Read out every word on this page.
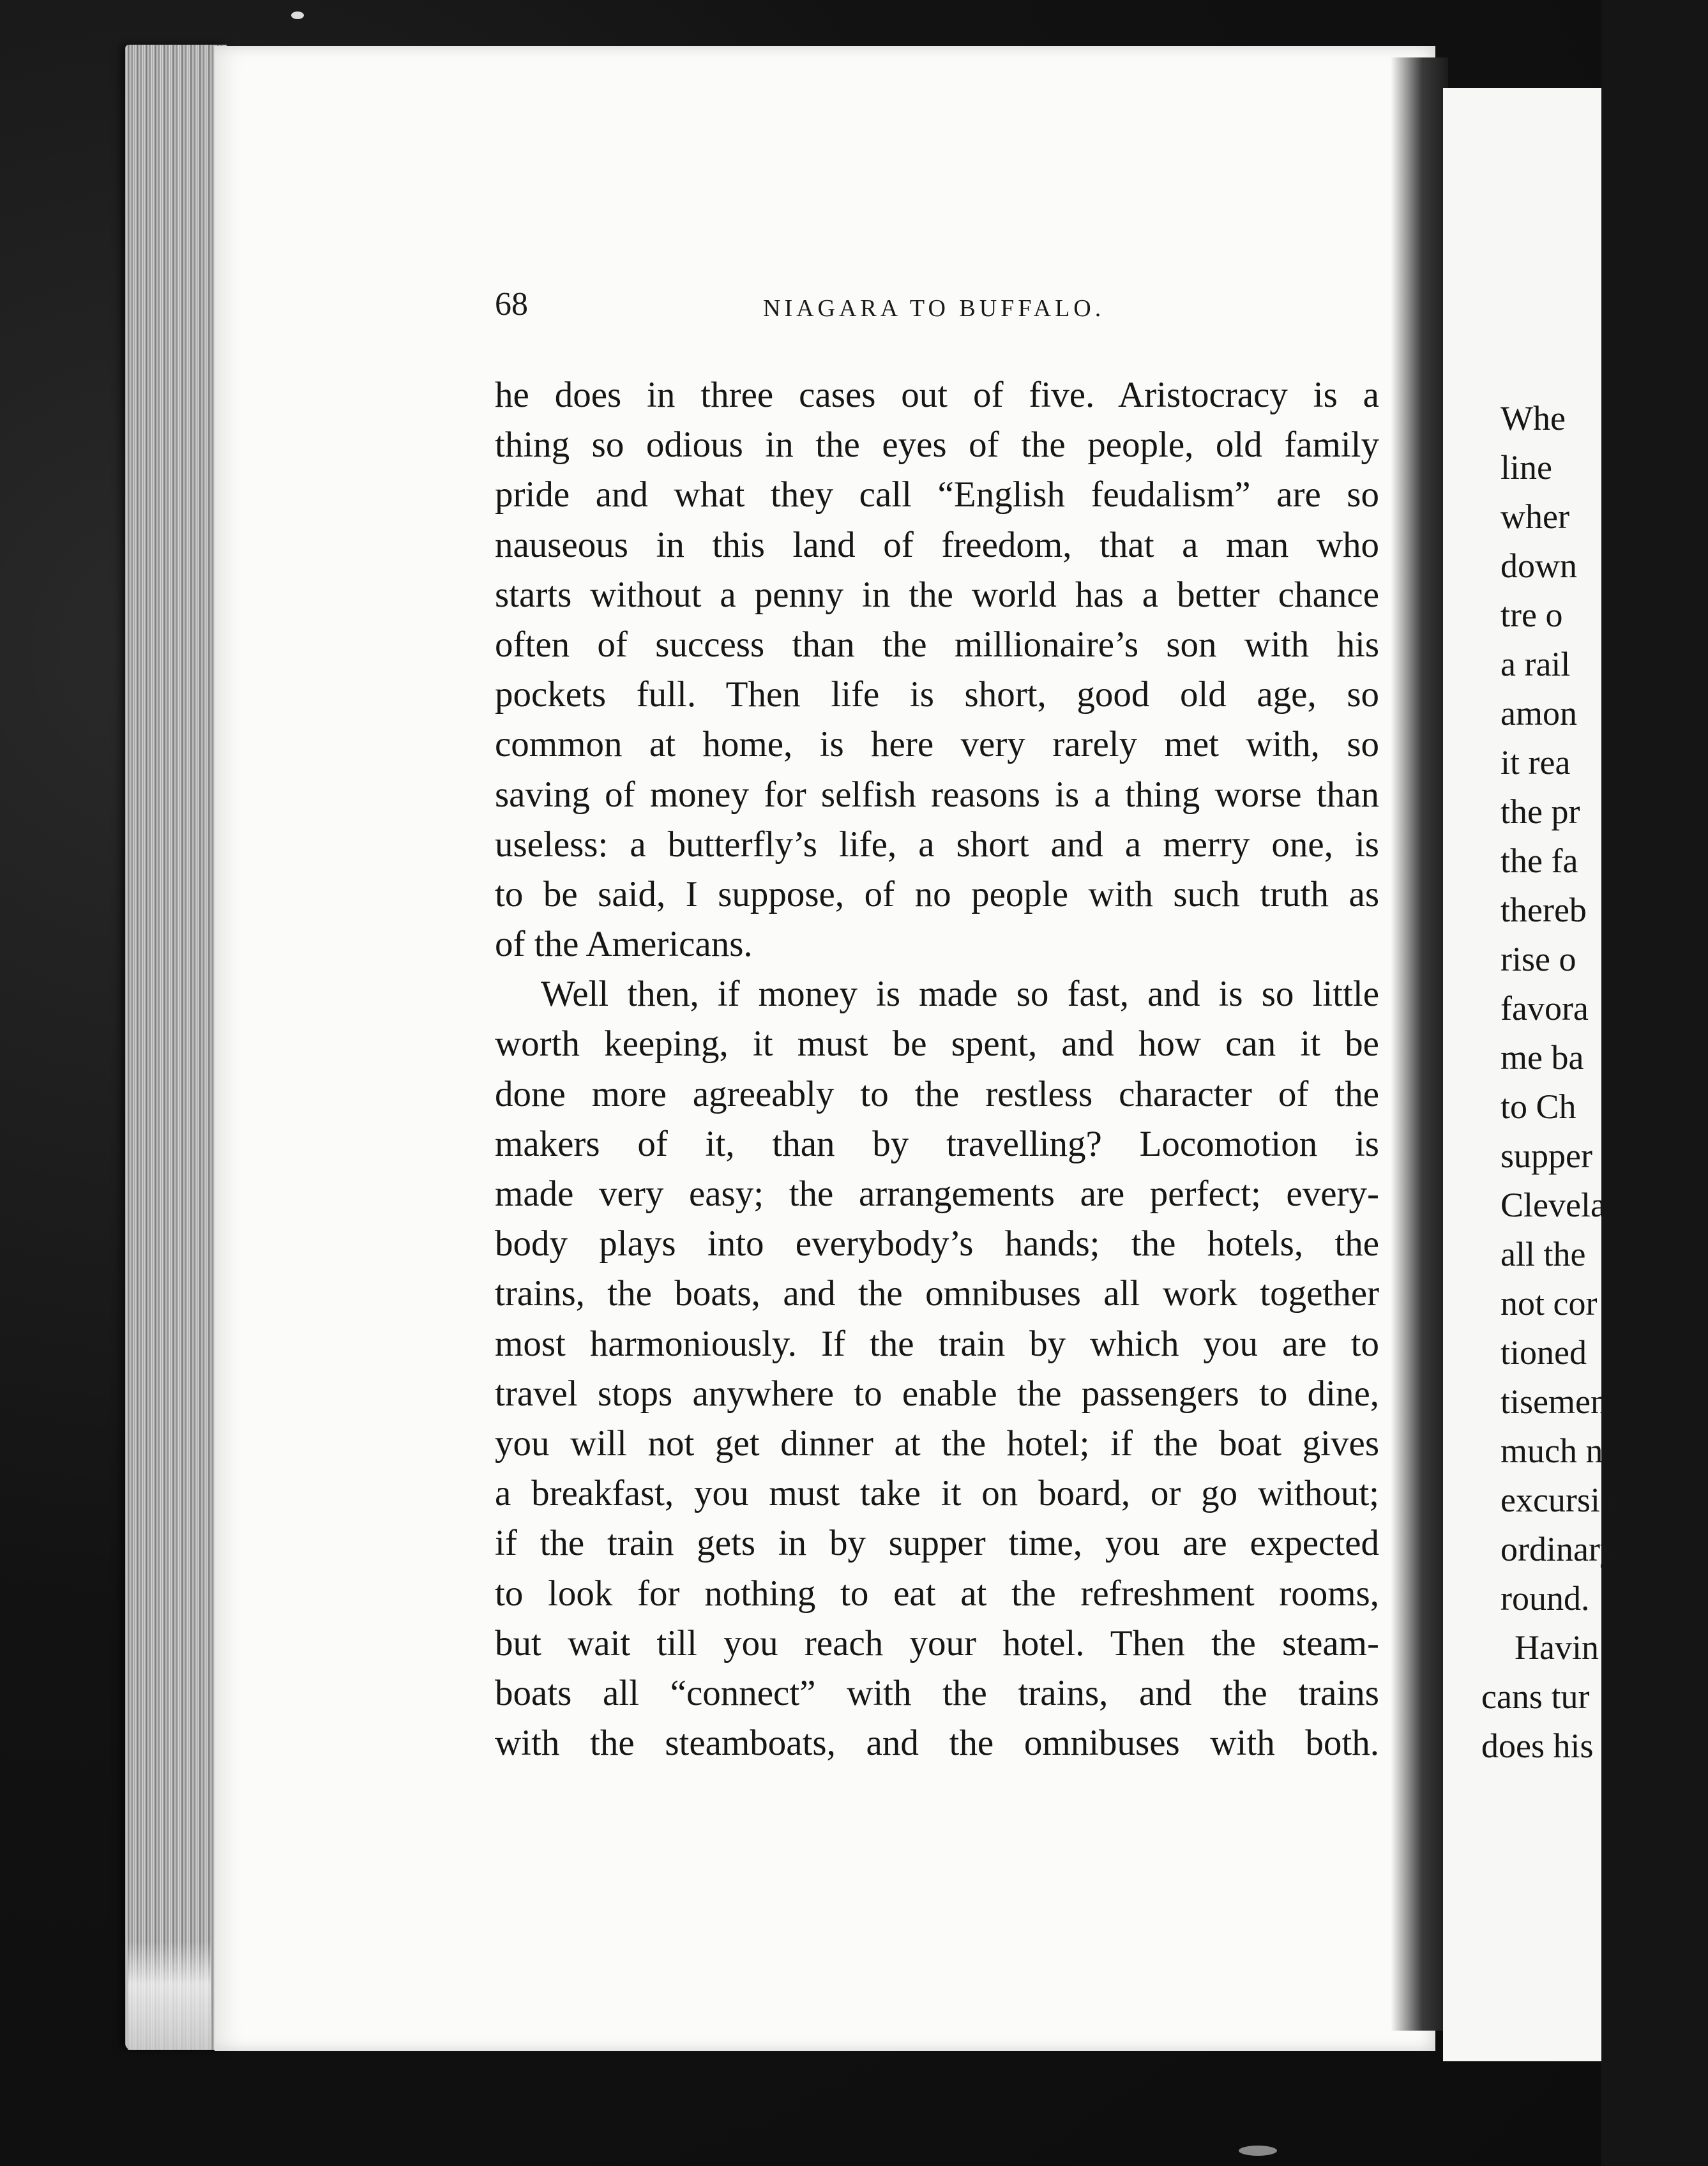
68	NIAGARA TO BUFFALO.
he does in three cases out of five. Aristocracy is a
thing so odious in the eyes of the people, old family
pride and what they call “English feudalism” are so
nauseous in this land of freedom, that a man who
starts without a penny in the world has a better chance
often of success than the millionaire’s son with his
pockets full. Then life is short, good old age, so
common at home, is here very rarely met with, so
saving of money for selfish reasons is a thing worse than
useless: a butterfly’s life, a short and a merry one, is
to be said, I suppose, of no people with such truth as
of the Americans.
Well then, if money is made so fast, and is so little
worth keeping, it must be spent, and how can it be
done more agreeably to the restless character of the
makers of it, than by travelling? Locomotion is
made very easy; the arrangements are perfect; every-
body plays into everybody’s hands; the hotels, the
trains, the boats, and the omnibuses all work together
most harmoniously. If the train by which you are to
travel stops anywhere to enable the passengers to dine,
you will not get dinner at the hotel; if the boat gives
a breakfast, you must take it on board, or go without;
if the train gets in by supper time, you are expected
to look for nothing to eat at the refreshment rooms,
but wait till you reach your hotel. Then the steam-
boats all “connect” with the trains, and the trains
with the steamboats, and the omnibuses with both.
Whe
line
wher
down
tre o
a rail
amon
it rea
the pr
the fa
thereb
rise o
favora
me ba
to Ch
supper
Clevela
all the
not cor
tioned
tisemen
much n
excursio
ordinary
round.
Havin
cans tur
does his
